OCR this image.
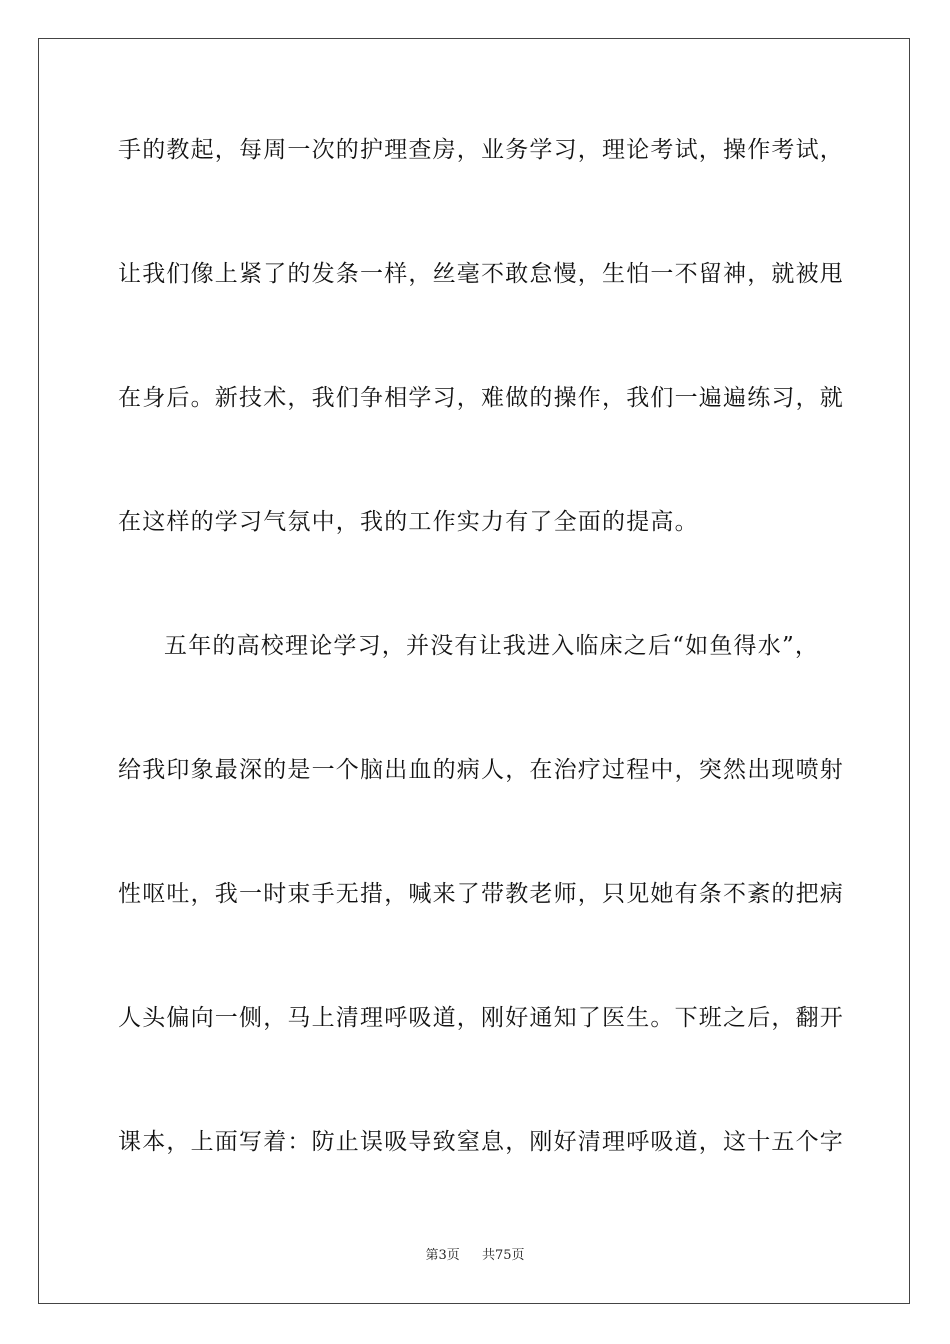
手的教起，每周一次的护理查房，业务学习，理论考试，操作考试，
让我们像上紧了的发条一样，丝毫不敢怠慢，生怕一不留神，就被甩
在身后。新技术，我们争相学习，难做的操作，我们一遍遍练习，就
在这样的学习气氛中，我的工作实力有了全面的提高。
五年的高校理论学习，并没有让我进入临床之后“如鱼得水”，
给我印象最深的是一个脑出血的病人，在治疗过程中，突然出现喷射
性呕吐，我一时束手无措，喊来了带教老师，只见她有条不紊的把病
人头偏向一侧，马上清理呼吸道，刚好通知了医生。下班之后，翻开
课本，上面写着：防止误吸导致窒息，刚好清理呼吸道，这十五个字
第3页 共75页
